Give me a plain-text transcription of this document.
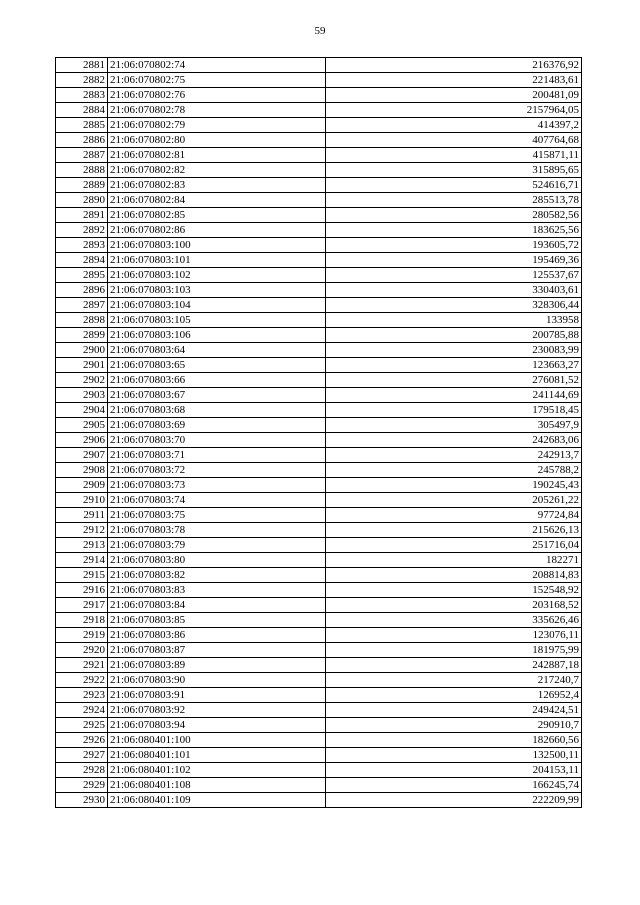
59
2881	21:06:070802:74	216376,92
2882	21:06:070802:75	221483,61
2883	21:06:070802:76	200481,09
2884	21:06:070802:78	2157964,05
2885	21:06:070802:79	414397,2
2886	21:06:070802:80	407764,68
2887	21:06:070802:81	415871,11
2888	21:06:070802:82	315895,65
2889	21:06:070802:83	524616,71
2890	21:06:070802:84	285513,78
2891	21:06:070802:85	280582,56
2892	21:06:070802:86	183625,56
2893	21:06:070803:100	193605,72
2894	21:06:070803:101	195469,36
2895	21:06:070803:102	125537,67
2896	21:06:070803:103	330403,61
2897	21:06:070803:104	328306,44
2898	21:06:070803:105	133958
2899	21:06:070803:106	200785,88
2900	21:06:070803:64	230083,99
2901	21:06:070803:65	123663,27
2902	21:06:070803:66	276081,52
2903	21:06:070803:67	241144,69
2904	21:06:070803:68	179518,45
2905	21:06:070803:69	305497,9
2906	21:06:070803:70	242683,06
2907	21:06:070803:71	242913,7
2908	21:06:070803:72	245788,2
2909	21:06:070803:73	190245,43
2910	21:06:070803:74	205261,22
2911	21:06:070803:75	97724,84
2912	21:06:070803:78	215626,13
2913	21:06:070803:79	251716,04
2914	21:06:070803:80	182271
2915	21:06:070803:82	208814,83
2916	21:06:070803:83	152548,92
2917	21:06:070803:84	203168,52
2918	21:06:070803:85	335626,46
2919	21:06:070803:86	123076,11
2920	21:06:070803:87	181975,99
2921	21:06:070803:89	242887,18
2922	21:06:070803:90	217240,7
2923	21:06:070803:91	126952,4
2924	21:06:070803:92	249424,51
2925	21:06:070803:94	290910,7
2926	21:06:080401:100	182660,56
2927	21:06:080401:101	132500,11
2928	21:06:080401:102	204153,11
2929	21:06:080401:108	166245,74
2930	21:06:080401:109	222209,99
